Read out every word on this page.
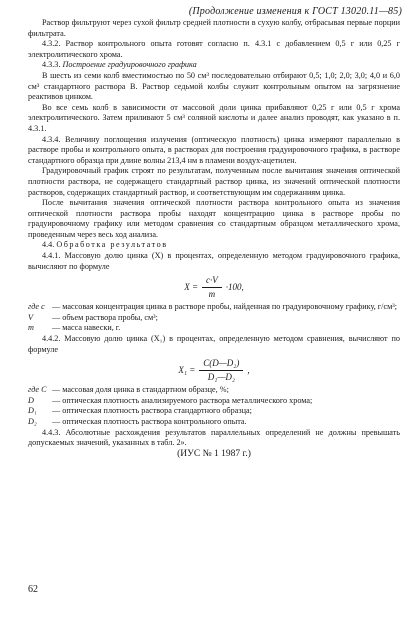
(Продолжение изменения к ГОСТ 13020.11—85)

Раствор фильтруют через сухой фильтр средней плотности в сухую колбу, отбрасывая первые порции фильтрата.

4.3.2. Раствор контрольного опыта готовят согласно п. 4.3.1 с добавлением 0,5 г или 0,25 г электролитического хрома.

4.3.3. Построение градуировочного графика

В шесть из семи колб вместимостью по 50 см³ последовательно отбирают 0,5; 1,0; 2,0; 3,0; 4,0 и 6,0 см³ стандартного раствора В. Раствор седьмой колбы служит контрольным опытом на загрязнение реактивов цинком.

Во все семь колб в зависимости от массовой доли цинка прибавляют 0,25 г или 0,5 г хрома электролитического. Затем приливают 5 см³ соляной кислоты и далее анализ проводят, как указано в п. 4.3.1.

4.3.4. Величину поглощения излучения (оптическую плотность) цинка измеряют параллельно в растворе пробы и контрольного опыта, в растворах для построения градуировочного графика, в растворе стандартного образца при длине волны 213,4 нм в пламени воздух-ацетилен.

Градуировочный график строят по результатам, полученным после вычитания значения оптической плотности раствора, не содержащего стандартный раствор цинка, из значений оптической плотности растворов, содержащих стандартный раствор, и соответствующим им содержаниям цинка.

После вычитания значения оптической плотности раствора контрольного опыта из значения оптической плотности раствора пробы находят концентрацию цинка в растворе пробы по градуировочному графику или методом сравнения со стандартным образцом металлического хрома, проведенным через весь ход анализа.

4.4. Обработка результатов

4.4.1. Массовую долю цинка (X) в процентах, определенную методом градуировочного графика, вычисляют по формуле

$X = \frac{c\cdot V}{m} \cdot 100$,

где c — массовая концентрация цинка в растворе пробы, найденная по градуировочному графику, г/см³;

V	— объем раствора пробы, см³;

m	— масса навески, г.

4.4.2. Массовую долю цинка (X₁) в процентах, определенную методом сравнения, вычисляют по формуле

$X_1 = \frac{\text{C(D—D₂)}}{\text{D₁—D₂}}$ ,

где C — массовая доля цинка в стандартном образце, %;

D	— оптическая плотность анализируемого раствора металлического хрома;

D₁	— оптическая плотность раствора стандартного образца;

D₂	— оптическая плотность раствора контрольного опыта.

4.4.3. Абсолютные расхождения результатов параллельных определений не должны превышать допускаемых значений, указанных в табл. 2».

(ИУС № 1 1987 г.)

62
